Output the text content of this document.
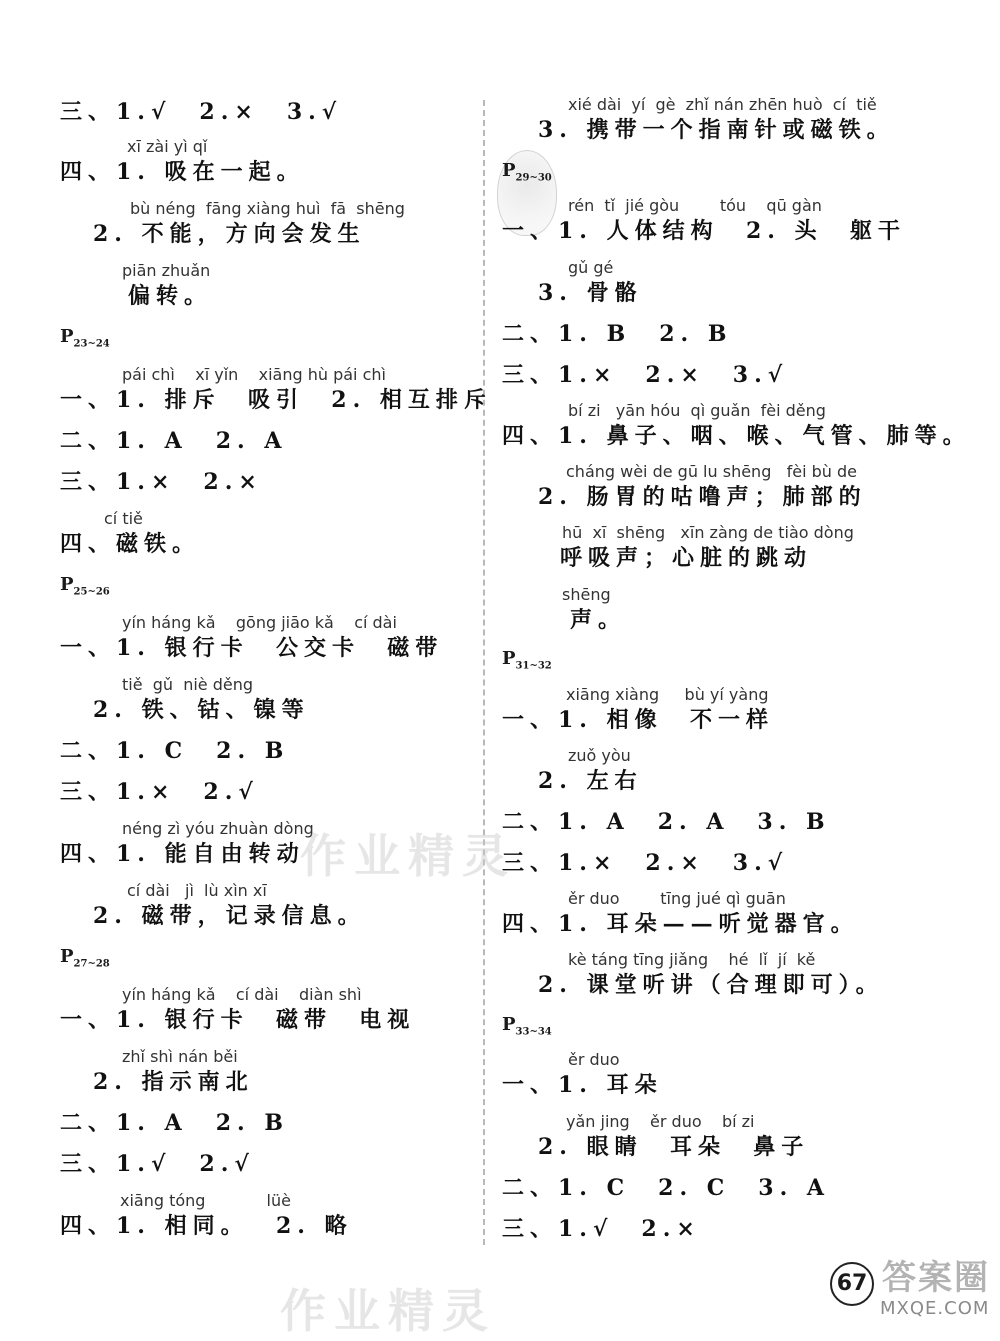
三、1.√　2.×　3.√
xī zài yì qǐ
四、1. 吸在一起。
bù néng  fāng xiàng huì  fā  shēng
2. 不能，方向会发生
piān zhuǎn
偏转。
$P_{23\sim 24}$
pái chì    xī yǐn    xiāng hù pái chì
一、1. 排斥  吸引  2. 相互排斥
二、1. A　2. A
三、1.×　2.×
cí tiě
四、磁铁。
$P_{25\sim 26}$
yín háng kǎ    gōng jiāo kǎ    cí dài
一、1. 银行卡  公交卡  磁带
tiě  gǔ  niè děng
2. 铁、钴、镍等
二、1. C　2. B
三、1.×　2.√
néng zì yóu zhuàn dòng
四、1. 能自由转动
cí dài   jì  lù xìn xī
2. 磁带，记录信息。
$P_{27\sim 28}$
yín háng kǎ    cí dài    diàn shì
一、1. 银行卡  磁带  电视
zhǐ shì nán běi
2. 指示南北
二、1. A　2. B
三、1.√　2.√
xiāng tóng            lüè
四、1. 相同。  2. 略
xié dài  yí  gè  zhǐ nán zhēn huò  cí  tiě
3. 携带一个指南针或磁铁。
$P_{29\sim 30}$
rén  tǐ  jié gòu        tóu    qū gàn
一、1. 人体结构  2. 头  躯干
gǔ gé
3. 骨骼
二、1. B　2. B
三、1.×　2.×　3.√
bí zi   yān hóu  qì guǎn  fèi děng
四、1. 鼻子、咽、喉、气管、肺等。
cháng wèi de gū lu shēng   fèi bù de
2. 肠胃的咕噜声；肺部的
hū  xī  shēng   xīn zàng de tiào dòng
呼吸声；心脏的跳动
shēng
声。
$P_{31\sim 32}$
xiāng xiàng     bù yí yàng
一、1. 相像  不一样
zuǒ yòu
2. 左右
二、1. A　2. A　3. B
三、1.×　2.×　3.√
ěr duo        tīng jué qì guān
四、1. 耳朵——听觉器官。
kè táng tīng jiǎng    hé  lǐ  jí  kě
2. 课堂听讲（合理即可）。
$P_{33\sim 34}$
ěr duo
一、1. 耳朵
yǎn jing    ěr duo    bí zi
2. 眼睛  耳朵  鼻子
二、1. C　2. C　3. A
三、1.√　2.×
作业精灵
作业精灵
67 答案圈
MXQE.COM
